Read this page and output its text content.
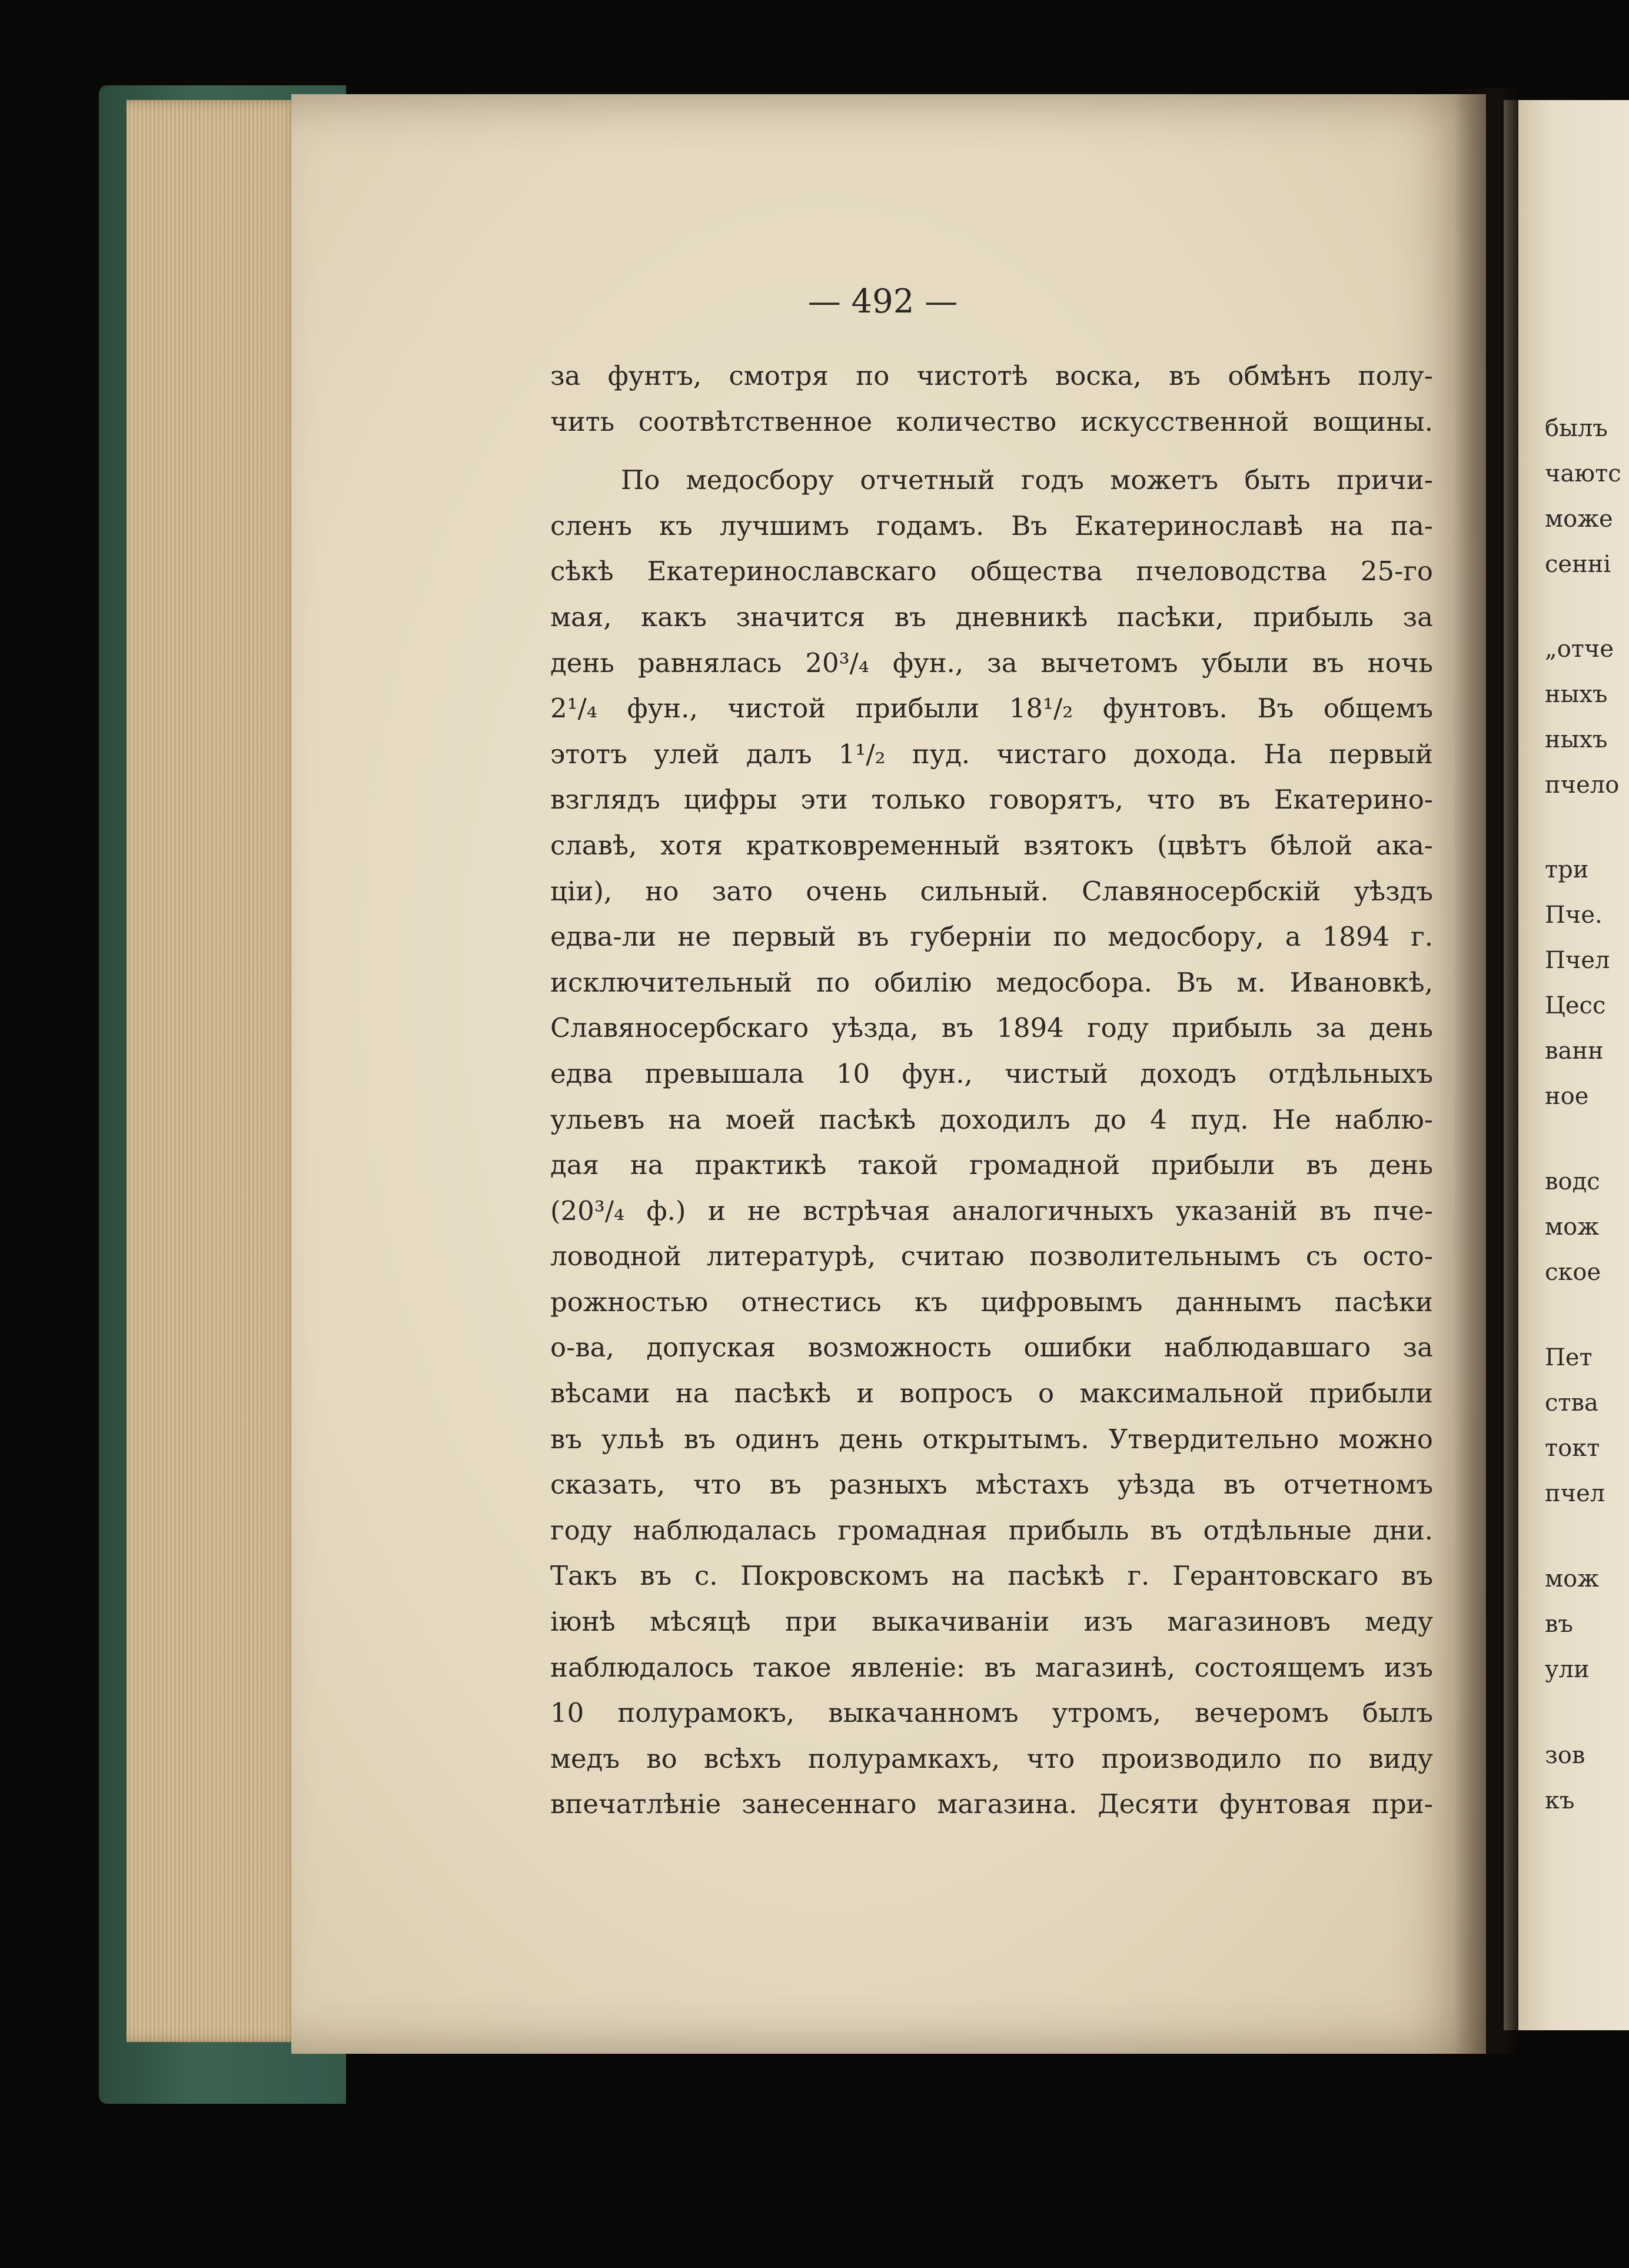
былъ
чаютс
може
сенні
„отче
ныхъ
ныхъ
пчело
три
Пче.
Пчел
Цесс
ванн
ное
водс
мож
ское
Пет
ства
токт
пчел
мож
въ
ули
зов
къ
— 492 —
за фунтъ, смотря по чистотѣ воска, въ обмѣнъ полу-
чить соотвѣтственное количество искусственной вощины.
По медосбору отчетный годъ можетъ быть причи-
сленъ къ лучшимъ годамъ. Въ Екатеринославѣ на па-
сѣкѣ Екатеринославскаго общества пчеловодства 25-го
мая, какъ значится въ дневникѣ пасѣки, прибыль за
день равнялась 20³/₄ фун., за вычетомъ убыли въ ночь
2¹/₄ фун., чистой прибыли 18¹/₂ фунтовъ. Въ общемъ
этотъ улей далъ 1¹/₂ пуд. чистаго дохода. На первый
взглядъ цифры эти только говорятъ, что въ Екатерино-
славѣ, хотя кратковременный взятокъ (цвѣтъ бѣлой ака-
ціи), но зато очень сильный. Славяносербскій уѣздъ
едва-ли не первый въ губерніи по медосбору, а 1894 г.
исключительный по обилію медосбора. Въ м. Ивановкѣ,
Славяносербскаго уѣзда, въ 1894 году прибыль за день
едва превышала 10 фун., чистый доходъ отдѣльныхъ
ульевъ на моей пасѣкѣ доходилъ до 4 пуд. Не наблю-
дая на практикѣ такой громадной прибыли въ день
(20³/₄ ф.) и не встрѣчая аналогичныхъ указаній въ пче-
ловодной литературѣ, считаю позволительнымъ съ осто-
рожностью отнестись къ цифровымъ даннымъ пасѣки
о-ва, допуская возможность ошибки наблюдавшаго за
вѣсами на пасѣкѣ и вопросъ о максимальной прибыли
въ ульѣ въ одинъ день открытымъ. Утвердительно можно
сказать, что въ разныхъ мѣстахъ уѣзда въ отчетномъ
году наблюдалась громадная прибыль въ отдѣльные дни.
Такъ въ с. Покровскомъ на пасѣкѣ г. Герантовскаго въ
іюнѣ мѣсяцѣ при выкачиваніи изъ магазиновъ меду
наблюдалось такое явленіе: въ магазинѣ, состоящемъ изъ
10 полурамокъ, выкачанномъ утромъ, вечеромъ былъ
медъ во всѣхъ полурамкахъ, что производило по виду
впечатлѣніе занесеннаго магазина. Десяти фунтовая при-
